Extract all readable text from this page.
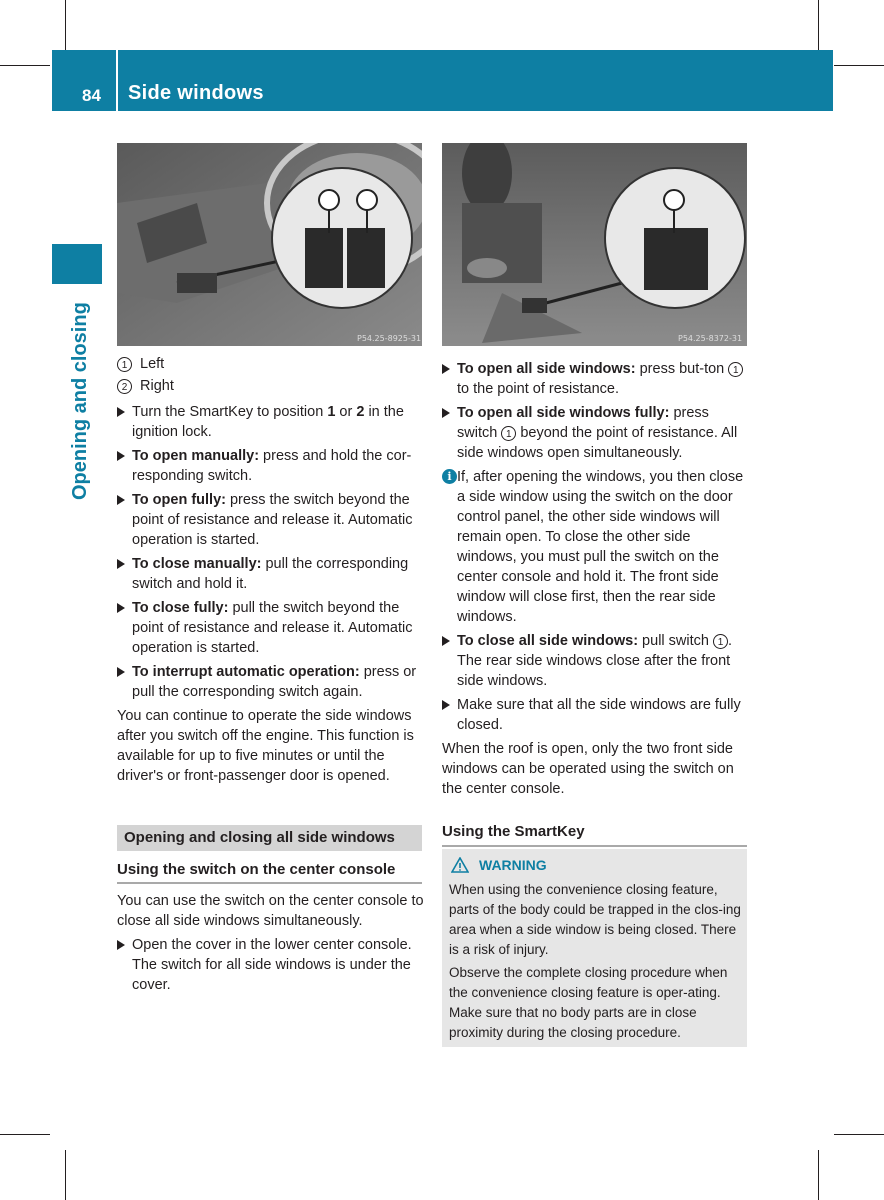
84 Side windows
Opening and closing	P54.25-8925-31	P54.25-8372-31
1 Left
2 Right
Turn the SmartKey to position 1 or 2 in the ignition lock.
To open manually: press and hold the cor-responding switch.
To open fully: press the switch beyond the point of resistance and release it. Automatic operation is started.
To close manually: pull the corresponding switch and hold it.
To close fully: pull the switch beyond the point of resistance and release it. Automatic operation is started.
To interrupt automatic operation: press or pull the corresponding switch again.

You can continue to operate the side windows after you switch off the engine. This function is available for up to five minutes or until the driver's or front-passenger door is opened.

Opening and closing all side windows
Using the switch on the center console

You can use the switch on the center console to close all side windows simultaneously.

Open the cover in the lower center console. The switch for all side windows is under the cover.
To open all side windows: press but-ton 1 to the point of resistance.
To open all side windows fully: press switch 1 beyond the point of resistance. All side windows open simultaneously.
i If, after opening the windows, you then close a side window using the switch on the door control panel, the other side windows will remain open. To close the other side windows, you must pull the switch on the center console and hold it. The front side window will close first, then the rear side windows.
To close all side windows: pull switch 1 . The rear side windows close after the front side windows.
Make sure that all the side windows are fully closed.

When the roof is open, only the two front side windows can be operated using the switch on the center console.

Using the SmartKey
WARNING

When using the convenience closing feature, parts of the body could be trapped in the clos-ing area when a side window is being closed. There is a risk of injury.

Observe the complete closing procedure when the convenience closing feature is oper-ating. Make sure that no body parts are in close proximity during the closing procedure.
